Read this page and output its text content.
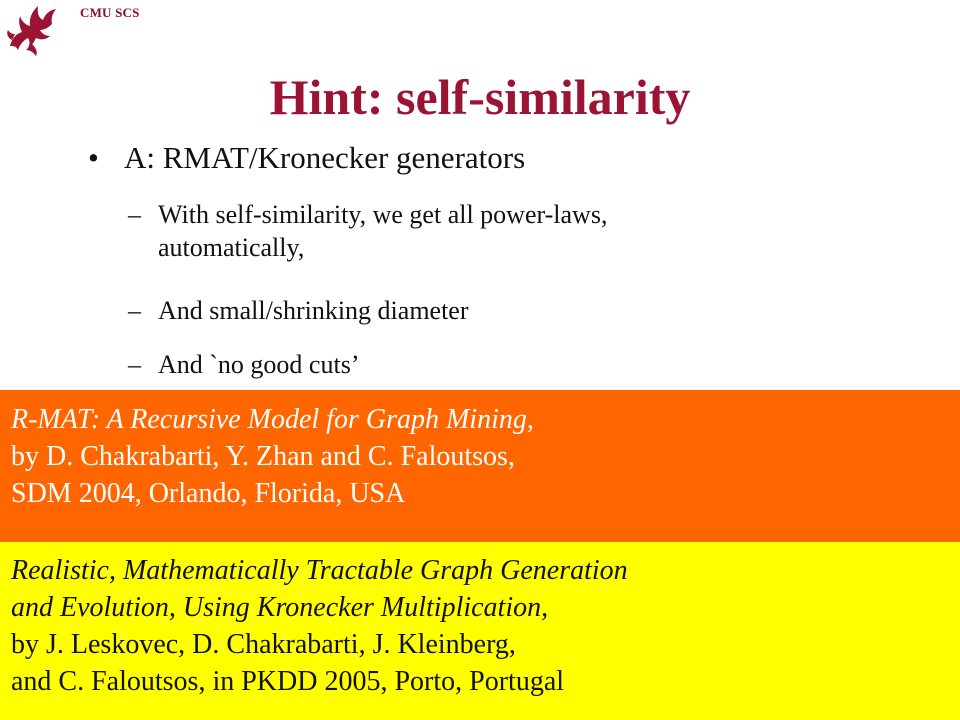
CMU SCS
Hint: self-similarity
• A: RMAT/Kronecker generators
– With self-similarity, we get all power-laws,
automatically,
– And small/shrinking diameter
– And `no good cuts’
R-MAT: A Recursive Model for Graph Mining,
by D. Chakrabarti, Y. Zhan and C. Faloutsos,
SDM 2004, Orlando, Florida, USA
Realistic, Mathematically Tractable Graph Generation
and Evolution, Using Kronecker Multiplication,
by J. Leskovec, D. Chakrabarti, J. Kleinberg,
and C. Faloutsos, in PKDD 2005, Porto, Portugal
